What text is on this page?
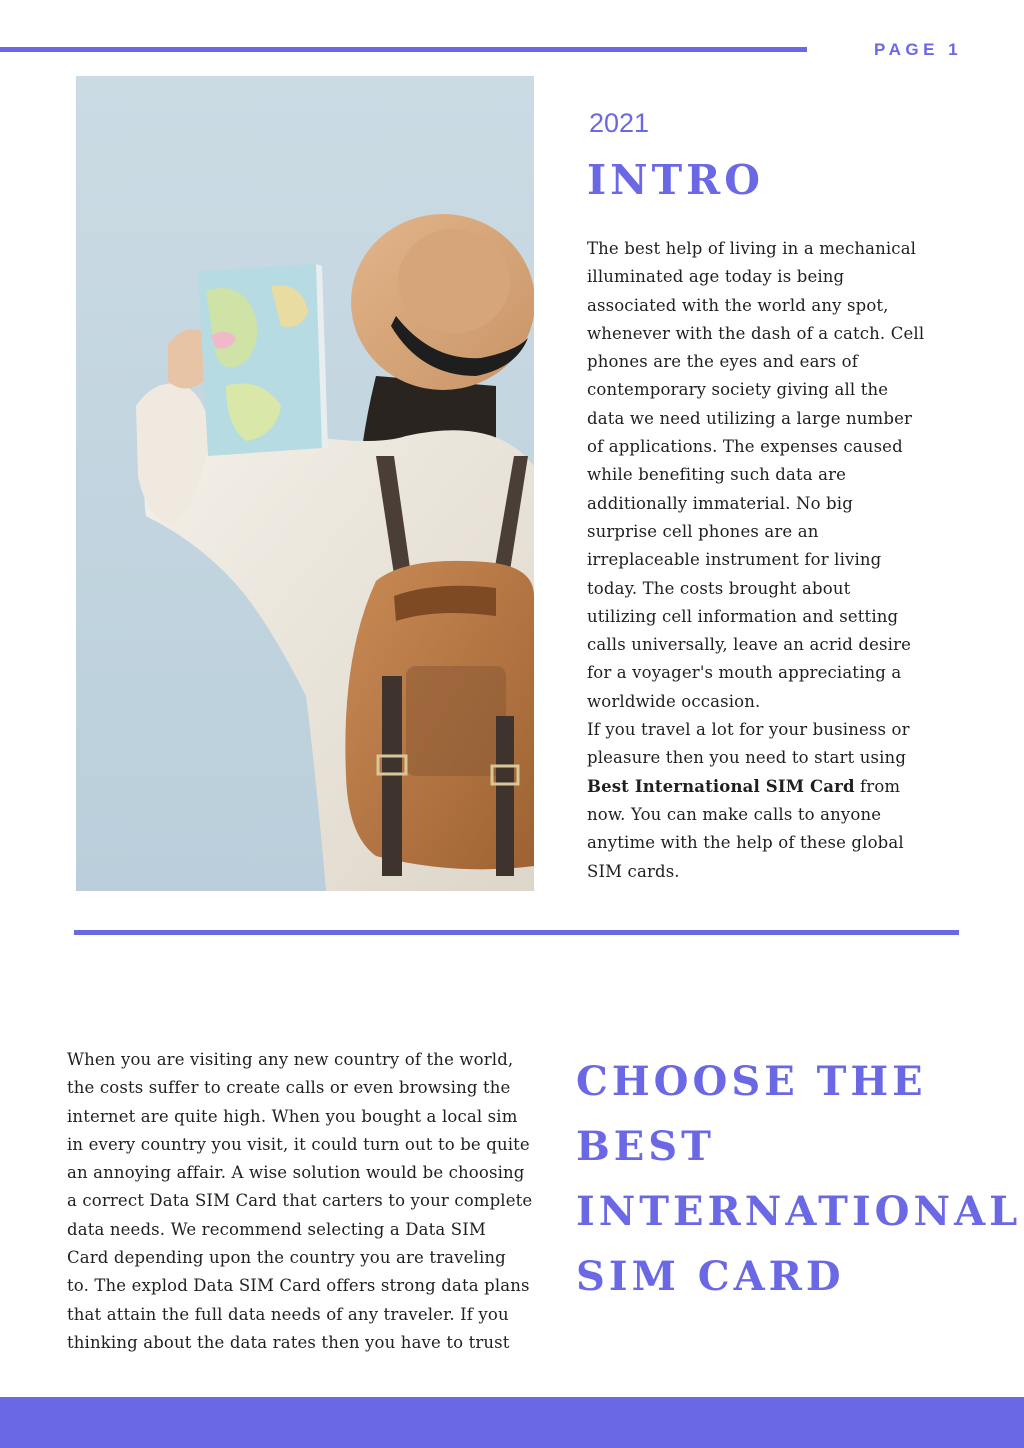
PAGE 1
2021
INTRO
The best help of living in a mechanical
illuminated age today is being
associated with the world any spot,
whenever with the dash of a catch. Cell
phones are the eyes and ears of
contemporary society giving all the
data we need utilizing a large number
of applications. The expenses caused
while benefiting such data are
additionally immaterial. No big
surprise cell phones are an
irreplaceable instrument for living
today. The costs brought about
utilizing cell information and setting
calls universally, leave an acrid desire
for a voyager's mouth appreciating a
worldwide occasion.
If you travel a lot for your business or
pleasure then you need to start using
Best International SIM Card from
now. You can make calls to anyone
anytime with the help of these global
SIM cards.
When you are visiting any new country of the world,
the costs suffer to create calls or even browsing the
internet are quite high. When you bought a local sim
in every country you visit, it could turn out to be quite
an annoying affair. A wise solution would be choosing
a correct Data SIM Card that carters to your complete
data needs. We recommend selecting a Data SIM
Card depending upon the country you are traveling
to. The explod Data SIM Card offers strong data plans
that attain the full data needs of any traveler. If you
thinking about the data rates then you have to trust
CHOOSE THE
BEST
INTERNATIONAL
SIM CARD
